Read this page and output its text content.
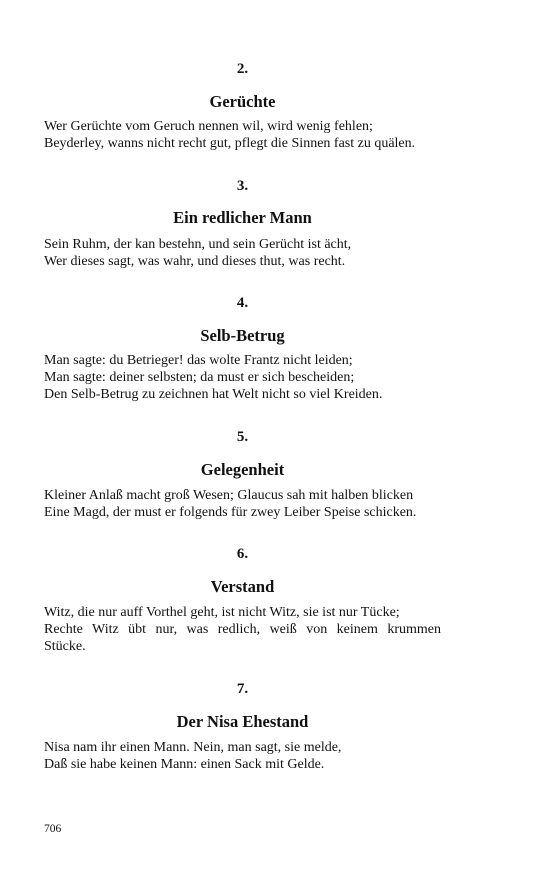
2.
Gerüchte
Wer Gerüchte vom Geruch nennen wil, wird wenig fehlen;
Beyderley, wanns nicht recht gut, pflegt die Sinnen fast zu quälen.
3.
Ein redlicher Mann
Sein Ruhm, der kan bestehn, und sein Gerücht ist ächt,
Wer dieses sagt, was wahr, und dieses thut, was recht.
4.
Selb-Betrug
Man sagte: du Betrieger! das wolte Frantz nicht leiden;
Man sagte: deiner selbsten; da must er sich bescheiden;
Den Selb-Betrug zu zeichnen hat Welt nicht so viel Kreiden.
5.
Gelegenheit
Kleiner Anlaß macht groß Wesen; Glaucus sah mit halben blicken
Eine Magd, der must er folgends für zwey Leiber Speise schicken.
6.
Verstand
Witz, die nur auff Vorthel geht, ist nicht Witz, sie ist nur Tücke;
Rechte Witz übt nur, was redlich, weiß von keinem krummen
Stücke.
7.
Der Nisa Ehestand
Nisa nam ihr einen Mann. Nein, man sagt, sie melde,
Daß sie habe keinen Mann: einen Sack mit Gelde.
706
